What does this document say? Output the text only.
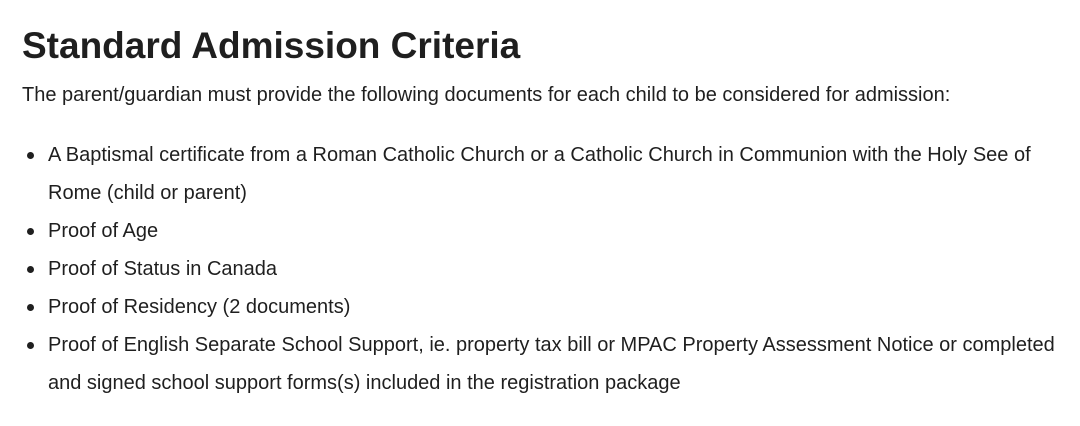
Standard Admission Criteria

The parent/guardian must provide the following documents for each child to be considered for admission:

A Baptismal certificate from a Roman Catholic Church or a Catholic Church in Communion with the Holy See of Rome (child or parent)
Proof of Age
Proof of Status in Canada
Proof of Residency (2 documents)
Proof of English Separate School Support, ie. property tax bill or MPAC Property Assessment Notice or completed and signed school support forms(s) included in the registration package
